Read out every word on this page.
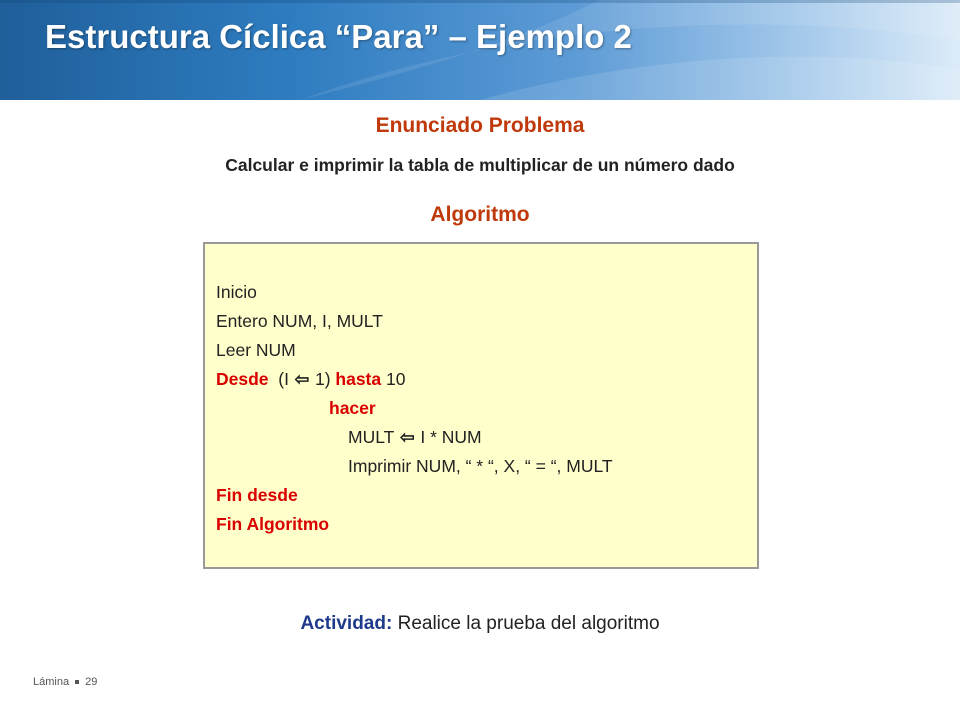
Estructura Cíclica “Para” – Ejemplo 2
Enunciado Problema

Calcular e imprimir la tabla de multiplicar de un número dado

Algoritmo
Inicio
Entero NUM, I, MULT
Leer NUM
Desde (I ⇦ 1) hasta 10
hacer
MULT ⇦ I * NUM
Imprimir NUM, “ * “, X, “ = “, MULT
Fin desde
Fin Algoritmo

Actividad: Realice la prueba del algoritmo

Lámina 29
